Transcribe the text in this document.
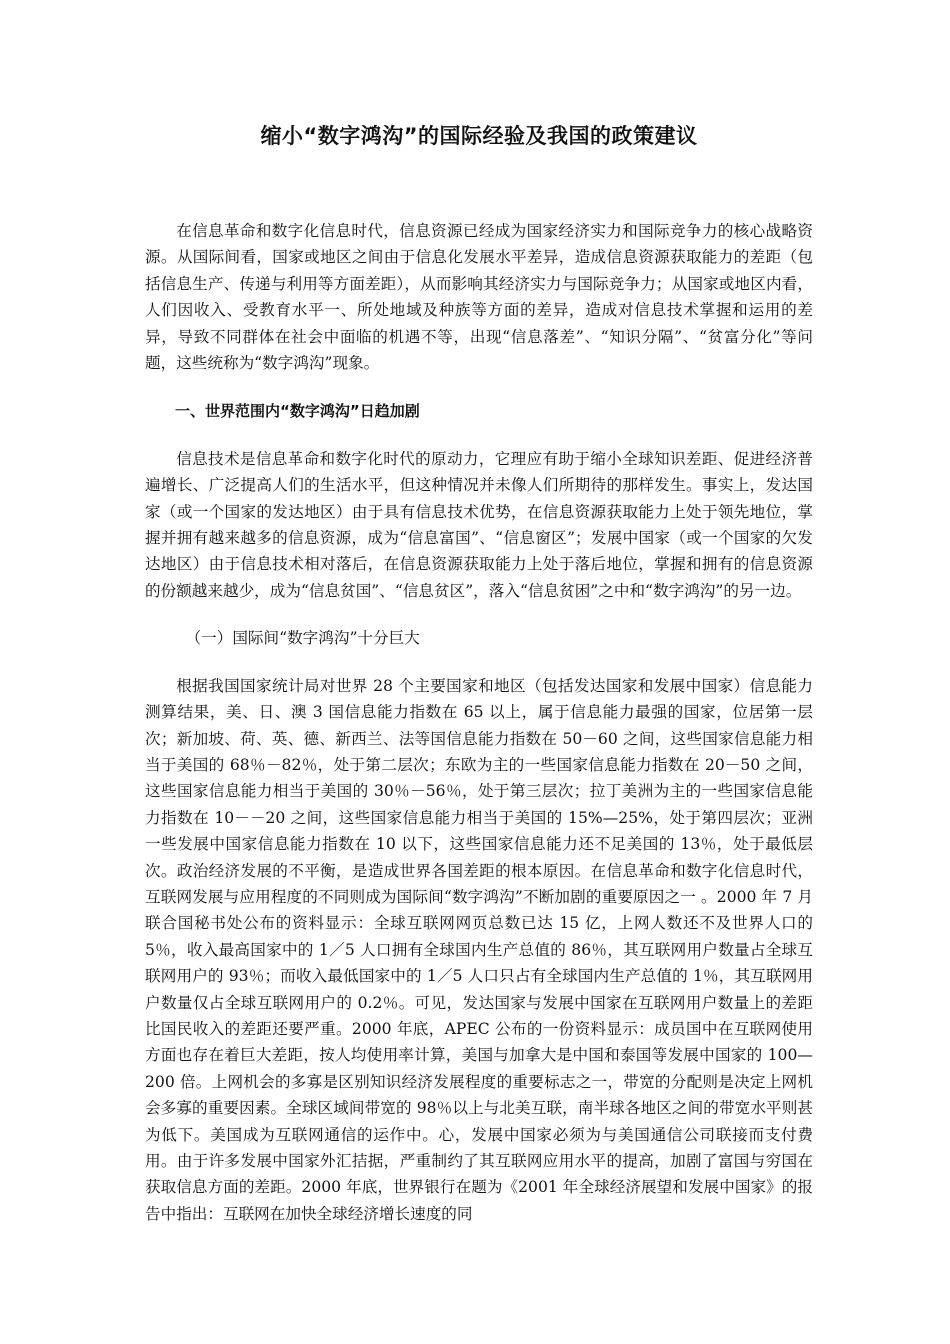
缩小“数字鸿沟”的国际经验及我国的政策建议

在信息革命和数字化信息时代，信息资源已经成为国家经济实力和国际竞争力的核心战略资源。从国际间看，国家或地区之间由于信息化发展水平差异，造成信息资源获取能力的差距（包括信息生产、传递与利用等方面差距），从而影响其经济实力与国际竞争力；从国家或地区内看，人们因收入、受教育水平一、所处地域及种族等方面的差异，造成对信息技术掌握和运用的差异，导致不同群体在社会中面临的机遇不等，出现“信息落差”、“知识分隔”、“贫富分化”等问题，这些统称为“数字鸿沟”现象。

一、世界范围内“数字鸿沟”日趋加剧

信息技术是信息革命和数字化时代的原动力，它理应有助于缩小全球知识差距、促进经济普遍增长、广泛提高人们的生活水平，但这种情况并未像人们所期待的那样发生。事实上，发达国家（或一个国家的发达地区）由于具有信息技术优势，在信息资源获取能力上处于领先地位，掌握并拥有越来越多的信息资源，成为“信息富国”、“信息窗区”；发展中国家（或一个国家的欠发达地区）由于信息技术相对落后，在信息资源获取能力上处于落后地位，掌握和拥有的信息资源的份额越来越少，成为“信息贫国”、“信息贫区”，落入“信息贫困”之中和“数字鸿沟”的另一边。

（一）国际间“数字鸿沟”十分巨大

根据我国国家统计局对世界 28 个主要国家和地区（包括发达国家和发展中国家）信息能力测算结果，美、日、澳 3 国信息能力指数在 65 以上，属于信息能力最强的国家，位居第一层次；新加坡、荷、英、德、新西兰、法等国信息能力指数在 50－60 之间，这些国家信息能力相当于美国的 68％－82％，处于第二层次；东欧为主的一些国家信息能力指数在 20－50 之间，这些国家信息能力相当于美国的 30％－56％，处于第三层次；拉丁美洲为主的一些国家信息能力指数在 10－－20 之间，这些国家信息能力相当于美国的 15%—25%，处于第四层次；亚洲一些发展中国家信息能力指数在 10 以下，这些国家信息能力还不足美国的 13％，处于最低层次。政治经济发展的不平衡，是造成世界各国差距的根本原因。在信息革命和数字化信息时代，互联网发展与应用程度的不同则成为国际间“数字鸿沟”不断加剧的重要原因之一 。2000 年 7 月联合国秘书处公布的资料显示：全球互联网网页总数已达 15 亿，上网人数还不及世界人口的 5％，收入最高国家中的 1／5 人口拥有全球国内生产总值的 86％，其互联网用户数量占全球互联网用户的 93％；而收入最低国家中的 1／5 人口只占有全球国内生产总值的 1％，其互联网用户数量仅占全球互联网用户的 0.2％。可见，发达国家与发展中国家在互联网用户数量上的差距比国民收入的差距还要严重。2000 年底，APEC 公布的一份资料显示：成员国中在互联网使用方面也存在着巨大差距，按人均使用率计算，美国与加拿大是中国和泰国等发展中国家的 100—200 倍。上网机会的多寡是区别知识经济发展程度的重要标志之一，带宽的分配则是决定上网机会多寡的重要因素。全球区域间带宽的 98％以上与北美互联，南半球各地区之间的带宽水平则甚为低下。美国成为互联网通信的运作中。心，发展中国家必须为与美国通信公司联接而支付费用。由于许多发展中国家外汇拮据，严重制约了其互联网应用水平的提高，加剧了富国与穷国在获取信息方面的差距。2000 年底，世界银行在题为《2001 年全球经济展望和发展中国家》的报告中指出：互联网在加快全球经济增长速度的同
